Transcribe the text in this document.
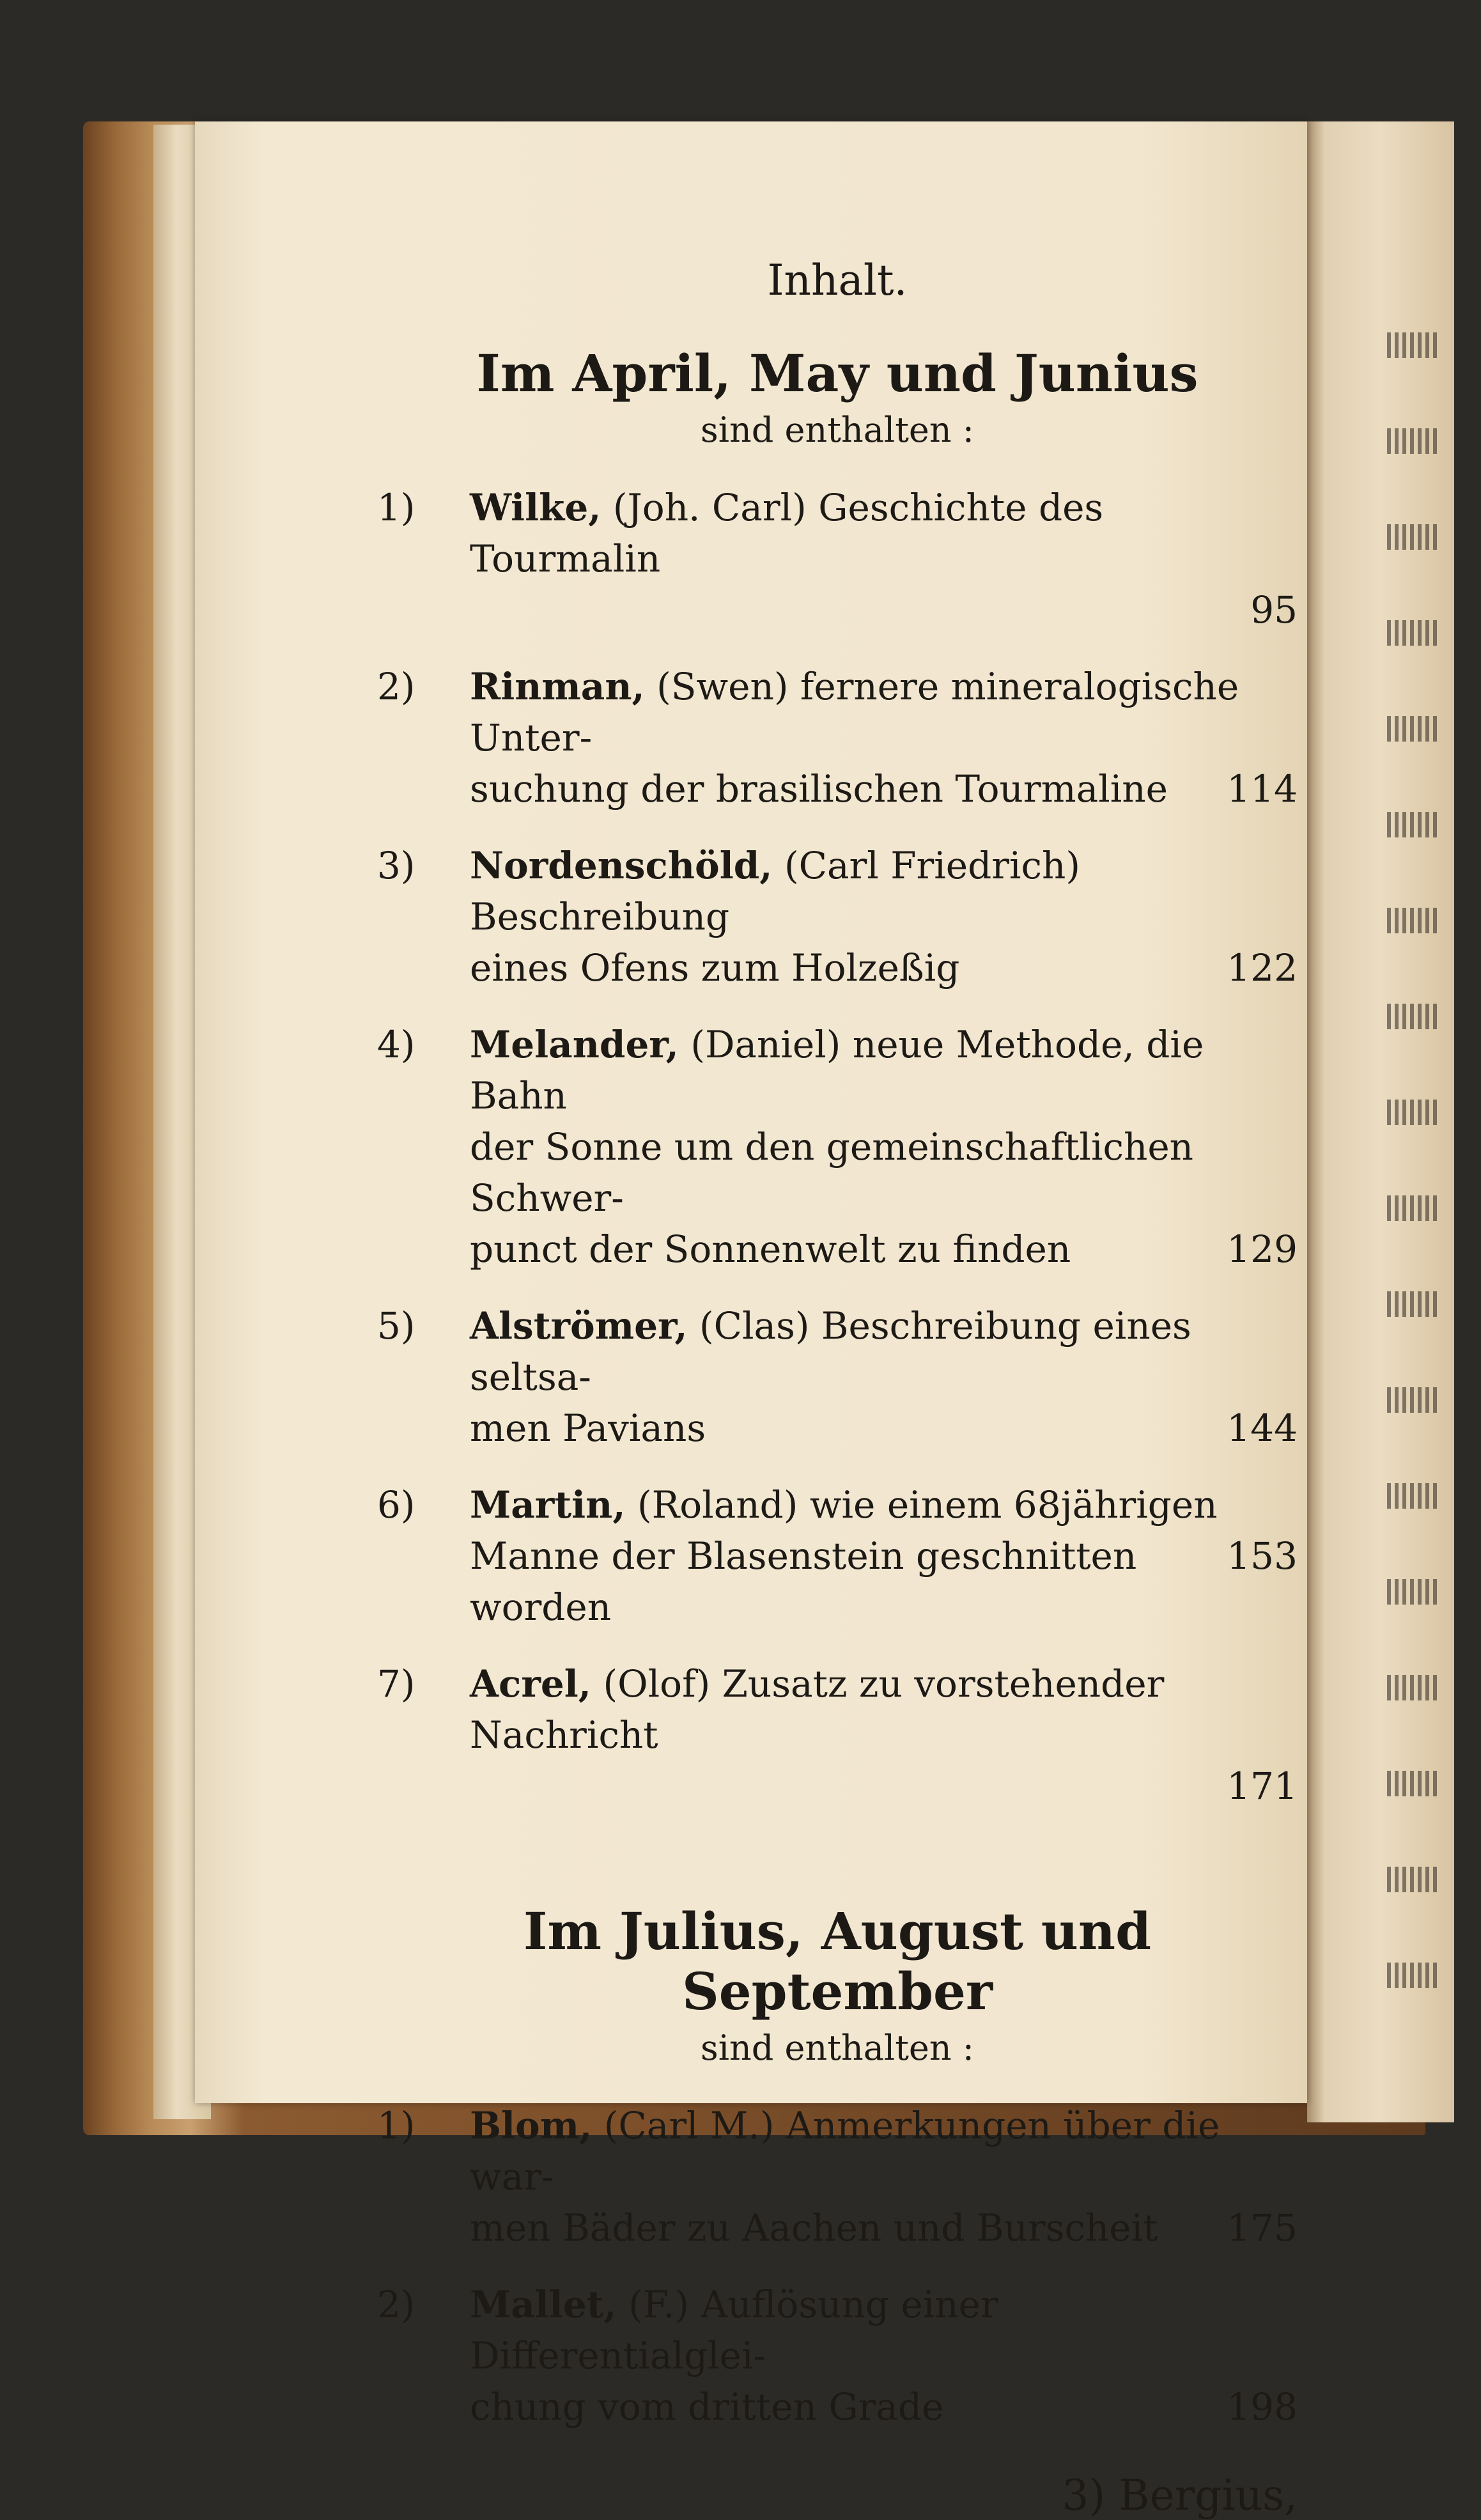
Inhalt.
Im April, May und Junius
sind enthalten :
1)	Wilke, (Joh. Carl) Geschichte des Tourmalin
95
2)	Rinman, (Swen) fernere mineralogische Unter-
suchung der brasilischen Tourmaline 114
3)	Nordenschöld, (Carl Friedrich) Beschreibung
eines Ofens zum Holzeßig	122
4)	Melander, (Daniel) neue Methode, die Bahn
der Sonne um den gemeinschaftlichen Schwer-
punct der Sonnenwelt zu finden	129
5)	Alströmer, (Clas) Beschreibung eines seltsa-
men Pavians	144
6)	Martin, (Roland) wie einem 68jährigen
Manne der Blasenstein geschnitten worden
153
7)	Acrel, (Olof) Zusatz zu vorstehender Nachricht
171
Im Julius, August und September
sind enthalten :
1)	Blom, (Carl M.) Anmerkungen über die war-
men Bäder zu Aachen und Burscheit 175
2)	Mallet, (F.) Auflösung einer Differentialglei-
chung vom dritten Grade	198
3) Bergius,
